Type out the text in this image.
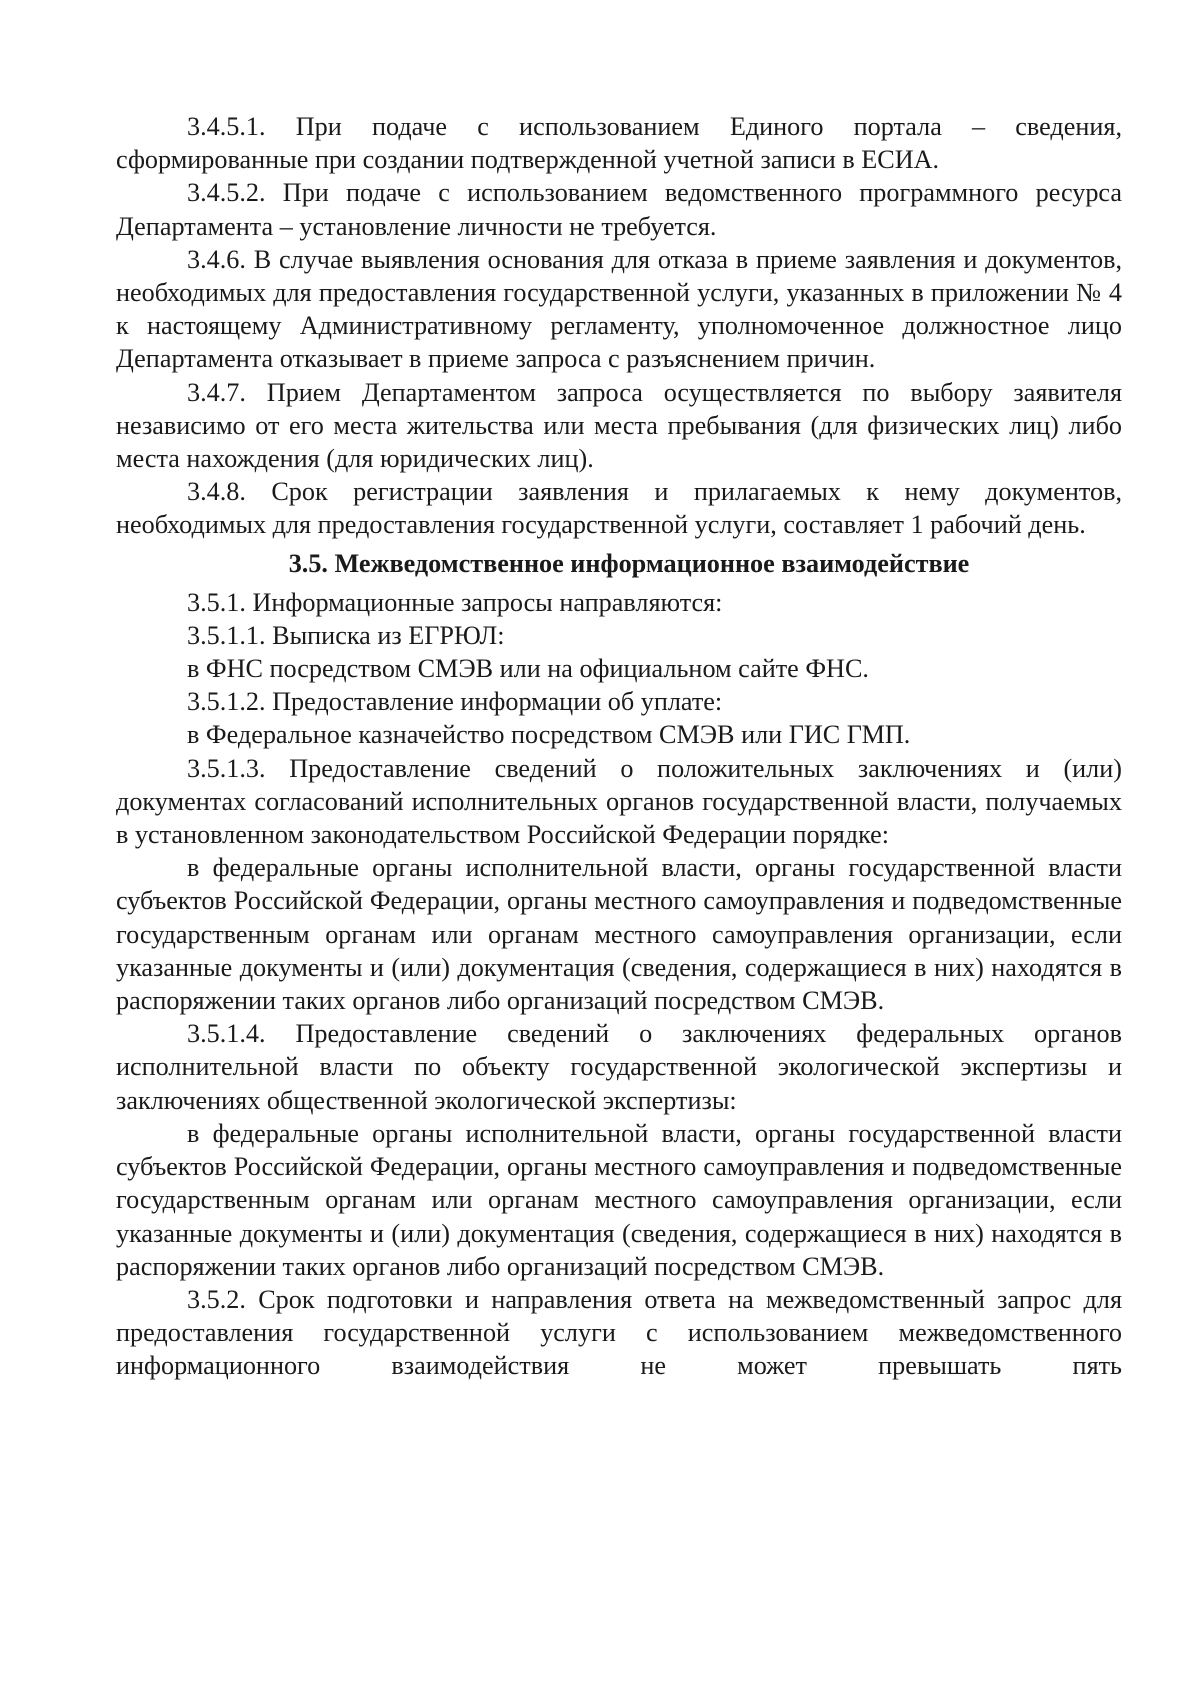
3.4.5.1. При подаче с использованием Единого портала – сведения, сформированные при создании подтвержденной учетной записи в ЕСИА.

3.4.5.2. При подаче с использованием ведомственного программного ресурса Департамента – установление личности не требуется.

3.4.6. В случае выявления основания для отказа в приеме заявления и документов, необходимых для предоставления государственной услуги, указанных в приложении № 4 к настоящему Административному регламенту, уполномоченное должностное лицо Департамента отказывает в приеме запроса с разъяснением причин.

3.4.7. Прием Департаментом запроса осуществляется по выбору заявителя независимо от его места жительства или места пребывания (для физических лиц) либо места нахождения (для юридических лиц).

3.4.8. Срок регистрации заявления и прилагаемых к нему документов, необходимых для предоставления государственной услуги, составляет 1 рабочий день.

3.5. Межведомственное информационное взаимодействие

3.5.1. Информационные запросы направляются:

3.5.1.1. Выписка из ЕГРЮЛ:

в ФНС посредством СМЭВ или на официальном сайте ФНС.

3.5.1.2. Предоставление информации об уплате:

в Федеральное казначейство посредством СМЭВ или ГИС ГМП.

3.5.1.3. Предоставление сведений о положительных заключениях и (или) документах согласований исполнительных органов государственной власти, получаемых в установленном законодательством Российской Федерации порядке:

в федеральные органы исполнительной власти, органы государственной власти субъектов Российской Федерации, органы местного самоуправления и подведомственные государственным органам или органам местного самоуправления организации, если указанные документы и (или) документация (сведения, содержащиеся в них) находятся в распоряжении таких органов либо организаций посредством СМЭВ.

3.5.1.4. Предоставление сведений о заключениях федеральных органов исполнительной власти по объекту государственной экологической экспертизы и заключениях общественной экологической экспертизы:

в федеральные органы исполнительной власти, органы государственной власти субъектов Российской Федерации, органы местного самоуправления и подведомственные государственным органам или органам местного самоуправления организации, если указанные документы и (или) документация (сведения, содержащиеся в них) находятся в распоряжении таких органов либо организаций посредством СМЭВ.

3.5.2. Срок подготовки и направления ответа на межведомственный запрос для предоставления государственной услуги с использованием межведомственного информационного взаимодействия не может превышать пять
